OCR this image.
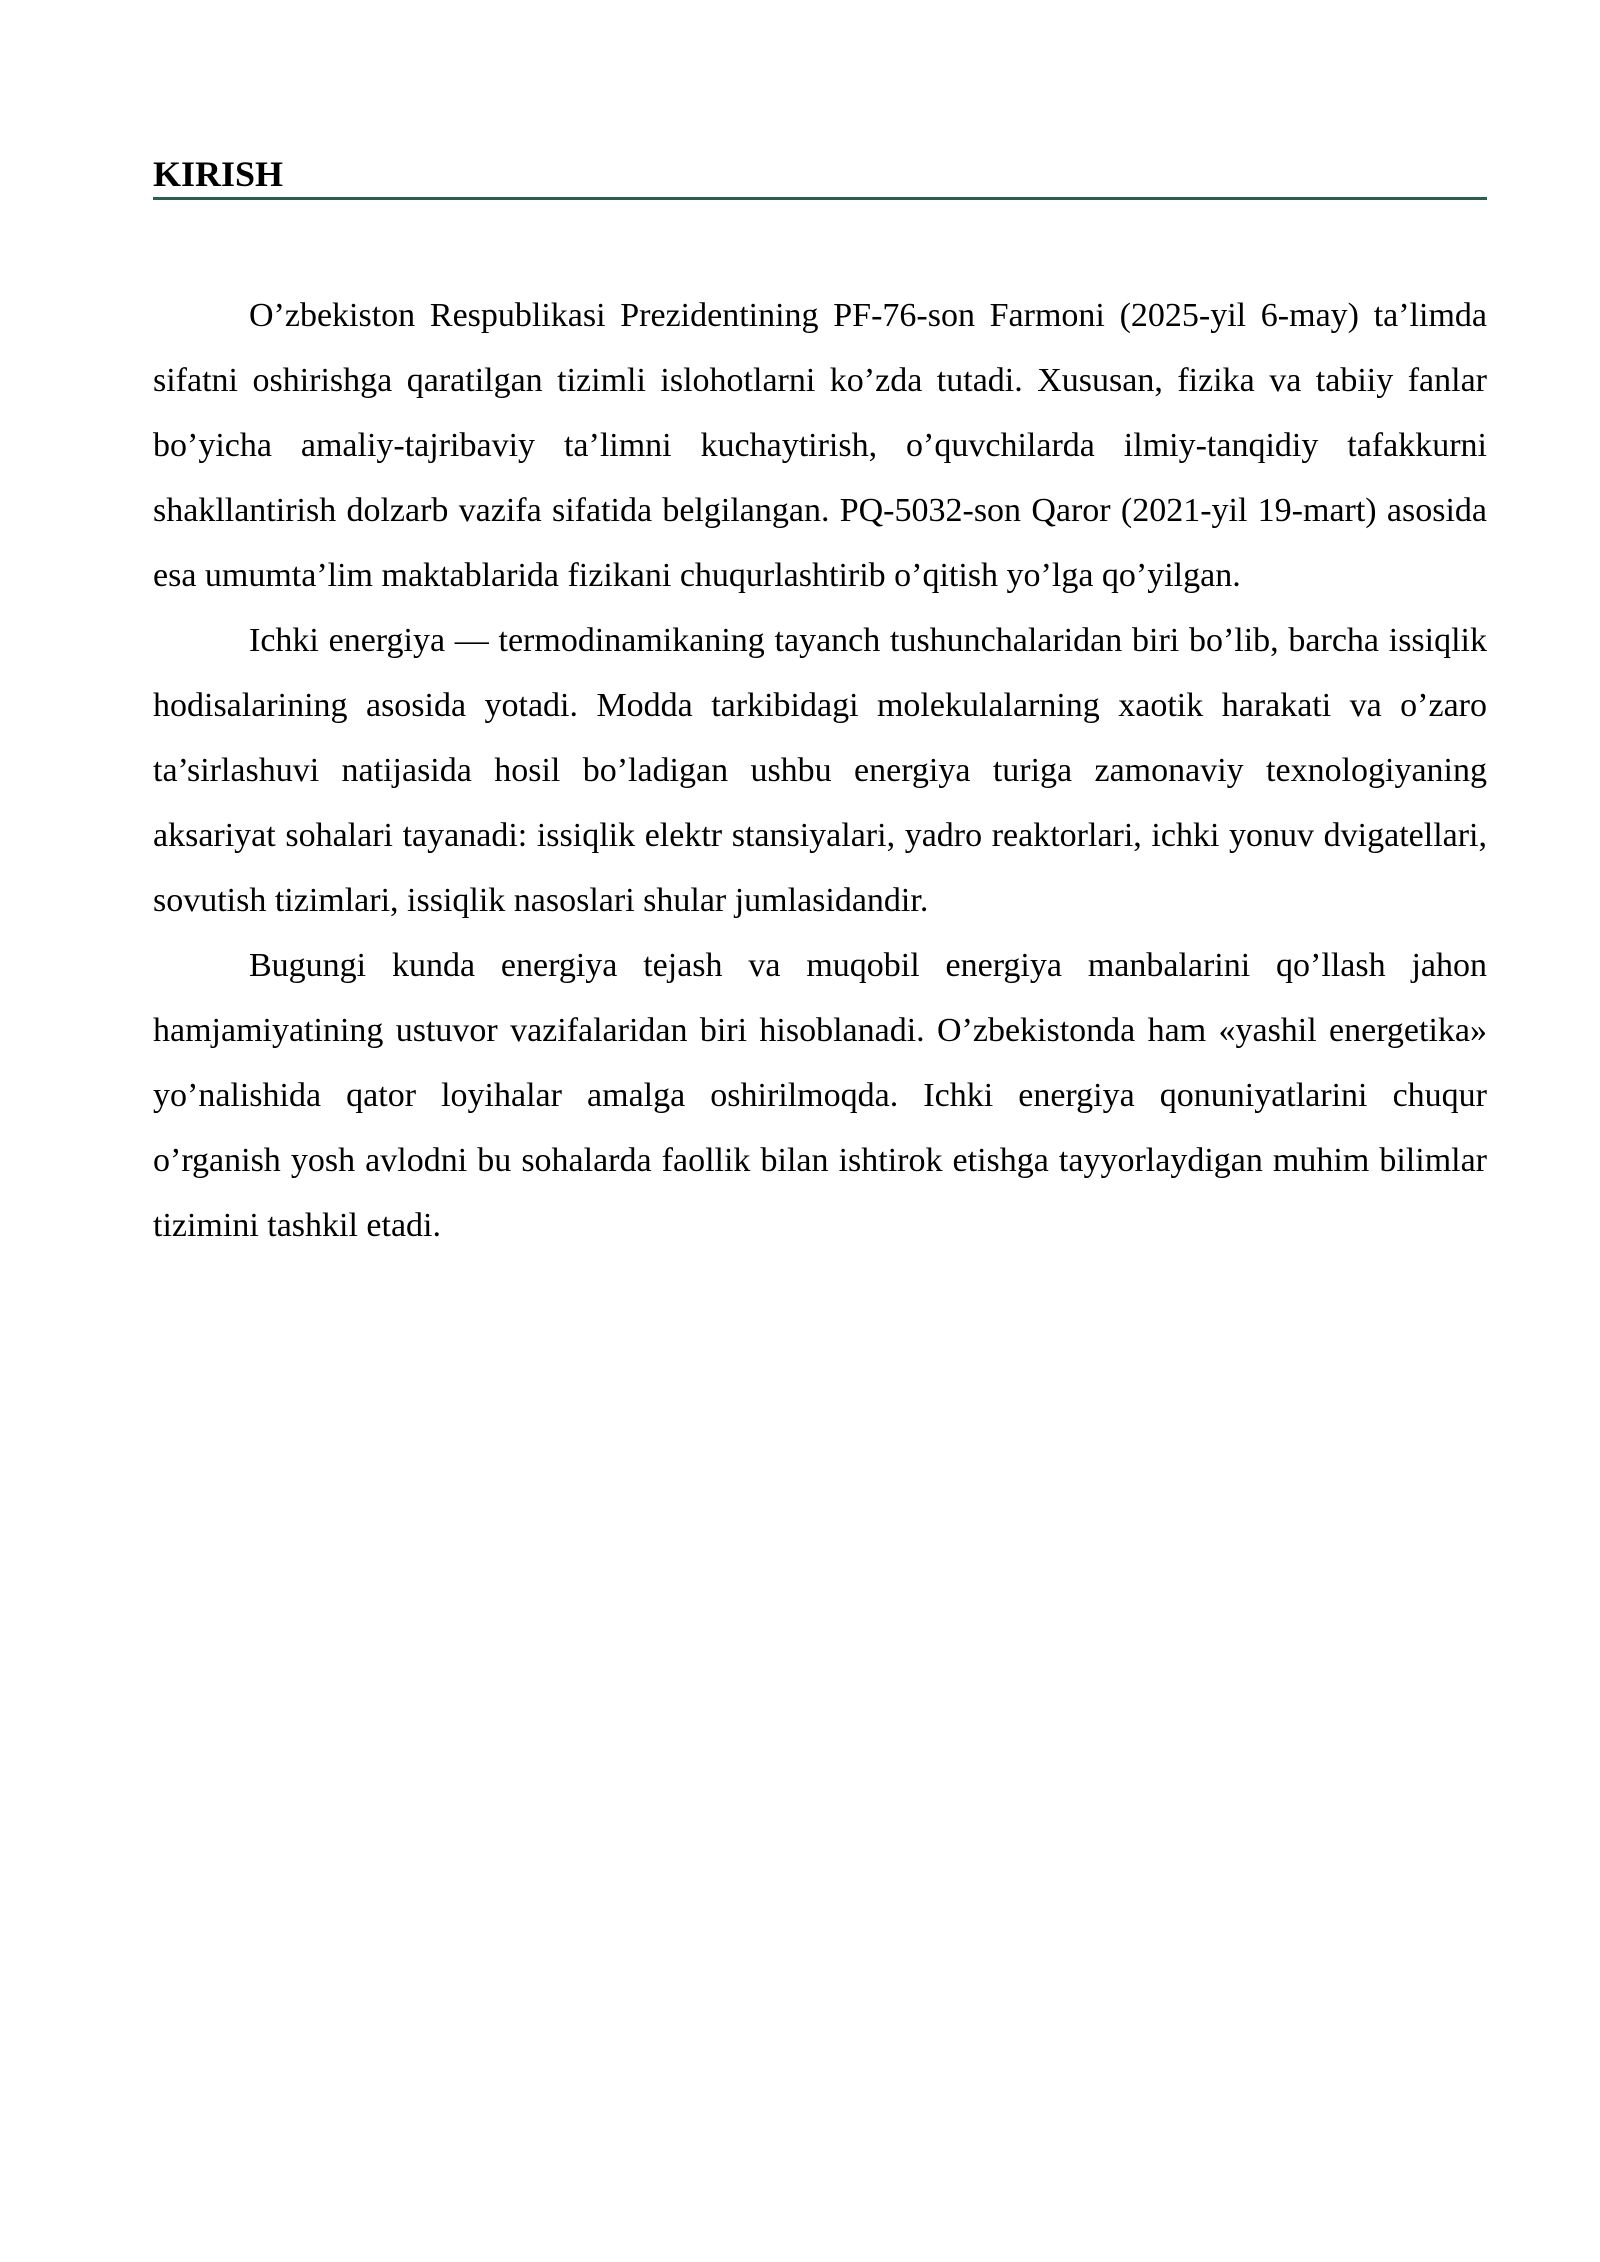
KIRISH

O’zbekiston Respublikasi Prezidentining PF-76-son Farmoni (2025-yil 6-may) ta’limda sifatni oshirishga qaratilgan tizimli islohotlarni ko’zda tutadi. Xususan, fizika va tabiiy fanlar bo’yicha amaliy-tajribaviy ta’limni kuchaytirish, o’quvchilarda ilmiy-tanqidiy tafakkurni shakllantirish dolzarb vazifa sifatida belgilangan. PQ-5032-son Qaror (2021-yil 19-mart) asosida esa umumta’lim maktablarida fizikani chuqurlashtirib o’qitish yo’lga qo’yilgan.

Ichki energiya — termodinamikaning tayanch tushunchalaridan biri bo’lib, barcha issiqlik hodisalarining asosida yotadi. Modda tarkibidagi molekulalarning xaotik harakati va o’zaro ta’sirlashuvi natijasida hosil bo’ladigan ushbu energiya turiga zamonaviy texnologiyaning aksariyat sohalari tayanadi: issiqlik elektr stansiyalari, yadro reaktorlari, ichki yonuv dvigatellari, sovutish tizimlari, issiqlik nasoslari shular jumlasidandir.

Bugungi kunda energiya tejash va muqobil energiya manbalarini qo’llash jahon hamjamiyatining ustuvor vazifalaridan biri hisoblanadi. O’zbekistonda ham «yashil energetika» yo’nalishida qator loyihalar amalga oshirilmoqda. Ichki energiya qonuniyatlarini chuqur o’rganish yosh avlodni bu sohalarda faollik bilan ishtirok etishga tayyorlaydigan muhim bilimlar tizimini tashkil etadi.
